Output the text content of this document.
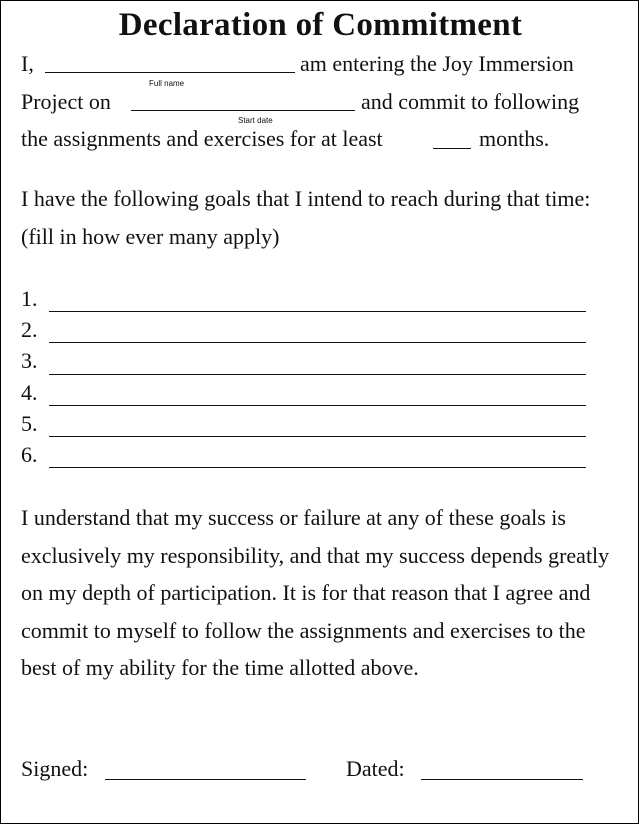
Declaration of Commitment
I,
Full name
am entering the Joy Immersion
Project on
Start date
and commit to following
the assignments and exercises for at least	months.
I have the following goals that I intend to reach during that time: (fill in how ever many apply)
1.
2.
3.
4.
5.
6.
I understand that my success or failure at any of these goals is exclusively my responsibility, and that my success depends greatly on my depth of participation. It is for that reason that I agree and commit to myself to follow the assignments and exercises to the best of my ability for the time allotted above.
Signed:	Dated:
